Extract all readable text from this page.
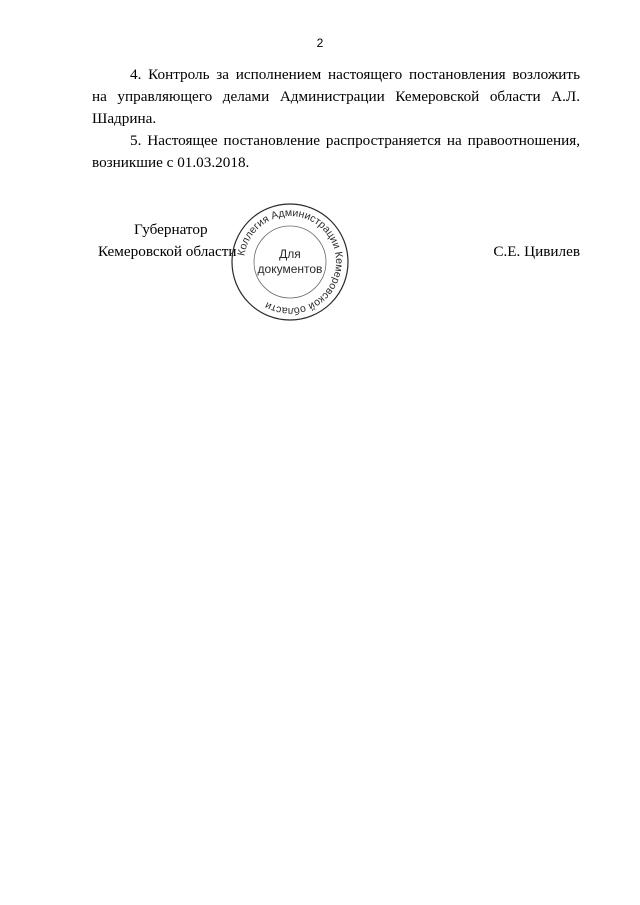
2

4. Контроль за исполнением настоящего постановления возложить на управляющего делами Администрации Кемеровской области А.Л. Шадрина.

5. Настоящее постановление распространяется на правоотношения, возникшие с 01.03.2018.

Губернатор
Кемеровской области	С.Е. Цивилев
Коллегия Администрации Кемеровской области
Для
документов
